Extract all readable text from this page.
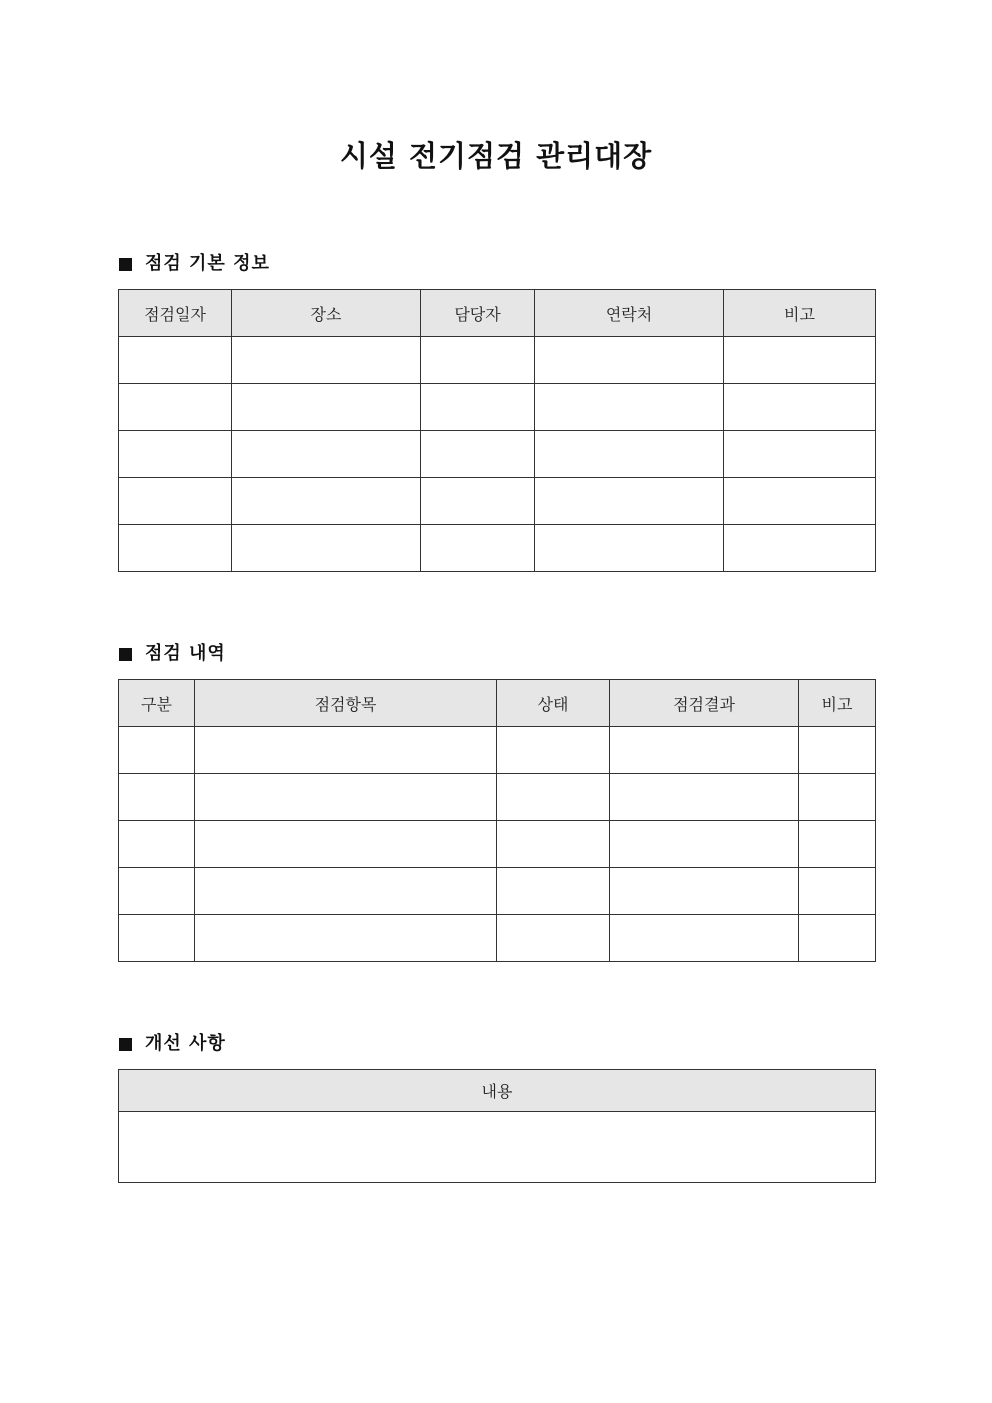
시설 전기점검 관리대장
점검 기본 정보
점검일자	장소	담당자	연락처	비고

점검 내역
구분	점검항목	상태	점검결과	비고

개선 사항
내용
